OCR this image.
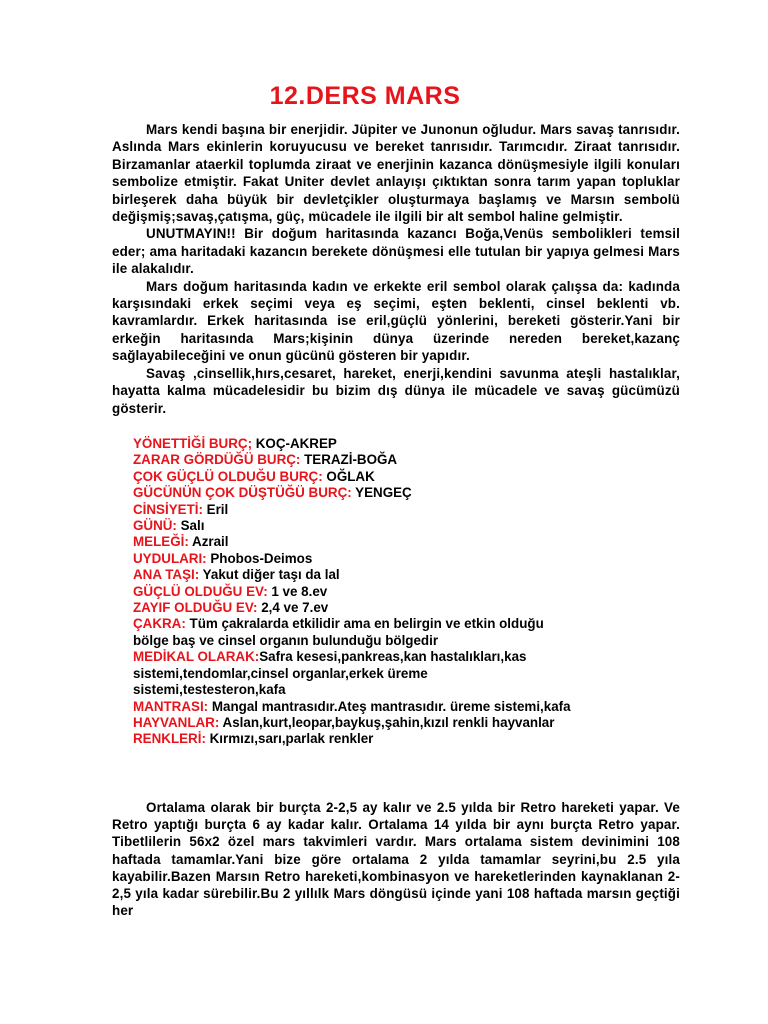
12.DERS MARS

Mars kendi başına bir enerjidir. Jüpiter ve Junonun oğludur. Mars savaş tanrısıdır. Aslında Mars ekinlerin koruyucusu ve bereket tanrısıdır. Tarımcıdır. Ziraat tanrısıdır. Birzamanlar ataerkil toplumda ziraat ve enerjinin kazanca dönüşmesiyle ilgili konuları sembolize etmiştir. Fakat Uniter devlet anlayışı çıktıktan sonra tarım yapan topluklar birleşerek daha büyük bir devletçikler oluşturmaya başlamış ve Marsın sembolü değişmiş;savaş,çatışma, güç, mücadele ile ilgili bir alt sembol haline gelmiştir.

UNUTMAYIN!! Bir doğum haritasında kazancı Boğa,Venüs sembolikleri temsil eder; ama haritadaki kazancın berekete dönüşmesi elle tutulan bir yapıya gelmesi Mars ile alakalıdır.

Mars doğum haritasında kadın ve erkekte eril sembol olarak çalışsa da: kadında karşısındaki erkek seçimi veya eş seçimi, eşten beklenti, cinsel beklenti vb. kavramlardır. Erkek haritasında ise eril,güçlü yönlerini, bereketi gösterir.Yani bir erkeğin haritasında Mars;kişinin dünya üzerinde nereden bereket,kazanç sağlayabileceğini ve onun gücünü gösteren bir yapıdır.

Savaş ,cinsellik,hırs,cesaret, hareket, enerji,kendini savunma ateşli hastalıklar, hayatta kalma mücadelesidir bu bizim dış dünya ile mücadele ve savaş gücümüzü gösterir.

YÖNETTİĞİ BURÇ; KOÇ-AKREP
ZARAR GÖRDÜĞÜ BURÇ: TERAZİ-BOĞA
ÇOK GÜÇLÜ OLDUĞU BURÇ: OĞLAK
GÜCÜNÜN ÇOK DÜŞTÜĞÜ BURÇ: YENGEÇ
CİNSİYETİ: Eril
GÜNÜ: Salı
MELEĞİ: Azrail
UYDULARI: Phobos-Deimos
ANA TAŞI: Yakut diğer taşı da lal
GÜÇLÜ OLDUĞU EV: 1 ve 8.ev
ZAYIF OLDUĞU EV: 2,4 ve 7.ev
ÇAKRA: Tüm çakralarda etkilidir ama en belirgin ve etkin olduğu bölge baş ve cinsel organın bulunduğu bölgedir
MEDİKAL OLARAK:Safra kesesi,pankreas,kan hastalıkları,kas sistemi,tendomlar,cinsel organlar,erkek üreme sistemi,testesteron,kafa
MANTRASI: Mangal mantrasıdır.Ateş mantrasıdır. üreme sistemi,kafa
HAYVANLAR: Aslan,kurt,leopar,baykuş,şahin,kızıl renkli hayvanlar
RENKLERİ: Kırmızı,sarı,parlak renkler

Ortalama olarak bir burçta 2-2,5 ay kalır ve 2.5 yılda bir Retro hareketi yapar. Ve Retro yaptığı burçta 6 ay kadar kalır. Ortalama 14 yılda bir aynı burçta Retro yapar. Tibetlilerin 56x2 özel mars takvimleri vardır. Mars ortalama sistem devinimini 108 haftada tamamlar.Yani bize göre ortalama 2 yılda tamamlar seyrini,bu 2.5 yıla kayabilir.Bazen Marsın Retro hareketi,kombinasyon ve hareketlerinden kaynaklanan 2-2,5 yıla kadar sürebilir.Bu 2 yıllılk Mars döngüsü içinde yani 108 haftada marsın geçtiği her
